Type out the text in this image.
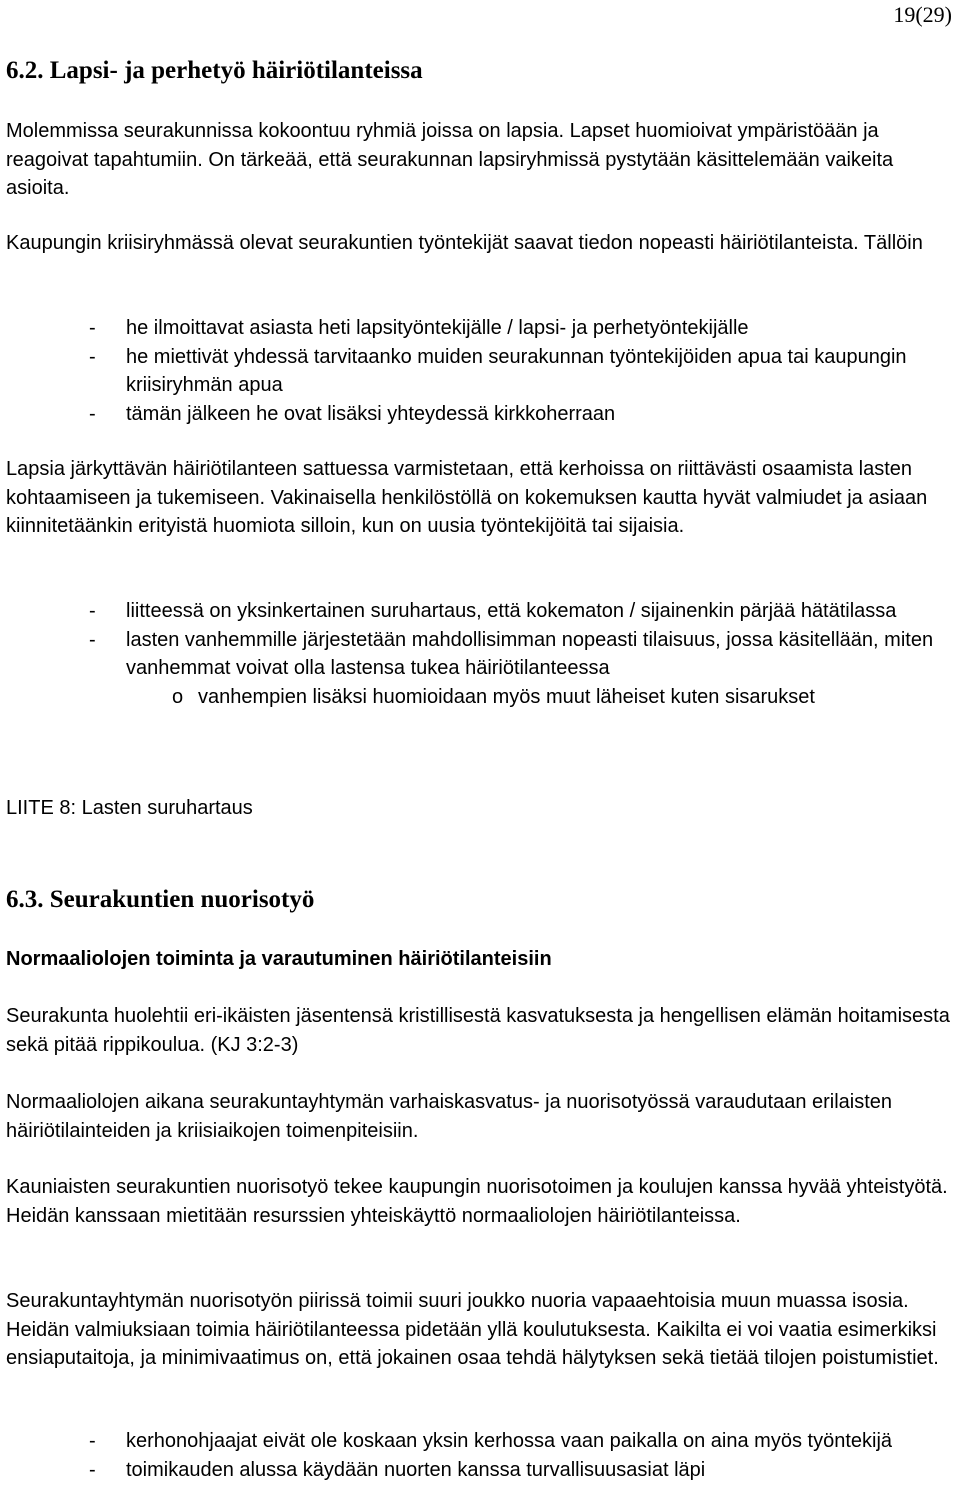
19(29)
6.2. Lapsi- ja perhetyö häiriötilanteissa

Molemmissa seurakunnissa kokoontuu ryhmiä joissa on lapsia. Lapset huomioivat ympäristöään ja reagoivat tapahtumiin. On tärkeää, että seurakunnan lapsiryhmissä pystytään käsittelemään vaikeita asioita.

Kaupungin kriisiryhmässä olevat seurakuntien työntekijät saavat tiedon nopeasti häiriötilanteista. Tällöin

- he ilmoittavat asiasta heti lapsityöntekijälle / lapsi- ja perhetyöntekijälle
- he miettivät yhdessä tarvitaanko muiden seurakunnan työntekijöiden apua tai kaupungin kriisiryhmän apua
- tämän jälkeen he ovat lisäksi yhteydessä kirkkoherraan

Lapsia järkyttävän häiriötilanteen sattuessa varmistetaan, että kerhoissa on riittävästi osaamista lasten kohtaamiseen ja tukemiseen. Vakinaisella henkilöstöllä on kokemuksen kautta hyvät valmiudet ja asiaan kiinnitetäänkin erityistä huomiota silloin, kun on uusia työntekijöitä tai sijaisia.

- liitteessä on yksinkertainen suruhartaus, että kokematon / sijainenkin pärjää hätätilassa
- lasten vanhemmille järjestetään mahdollisimman nopeasti tilaisuus, jossa käsitellään, miten vanhemmat voivat olla lastensa tukea häiriötilanteessa
o vanhempien lisäksi huomioidaan myös muut läheiset kuten sisarukset

LIITE 8: Lasten suruhartaus

6.3. Seurakuntien nuorisotyö
Normaaliolojen toiminta ja varautuminen häiriötilanteisiin

Seurakunta huolehtii eri-ikäisten jäsentensä kristillisestä kasvatuksesta ja hengellisen elämän hoitamisesta sekä pitää rippikoulua. (KJ 3:2-3)

Normaaliolojen aikana seurakuntayhtymän varhaiskasvatus- ja nuorisotyössä varaudutaan erilaisten häiriötilainteiden ja kriisiaikojen toimenpiteisiin.

Kauniaisten seurakuntien nuorisotyö tekee kaupungin nuorisotoimen ja koulujen kanssa hyvää yhteistyötä. Heidän kanssaan mietitään resurssien yhteiskäyttö normaaliolojen häiriötilanteissa.

Seurakuntayhtymän nuorisotyön piirissä toimii suuri joukko nuoria vapaaehtoisia muun muassa isosia. Heidän valmiuksiaan toimia häiriötilanteessa pidetään yllä koulutuksesta. Kaikilta ei voi vaatia esimerkiksi ensiaputaitoja, ja minimivaatimus on, että jokainen osaa tehdä hälytyksen sekä tietää tilojen poistumistiet.

- kerhonohjaajat eivät ole koskaan yksin kerhossa vaan paikalla on aina myös työntekijä
- toimikauden alussa käydään nuorten kanssa turvallisuusasiat läpi
